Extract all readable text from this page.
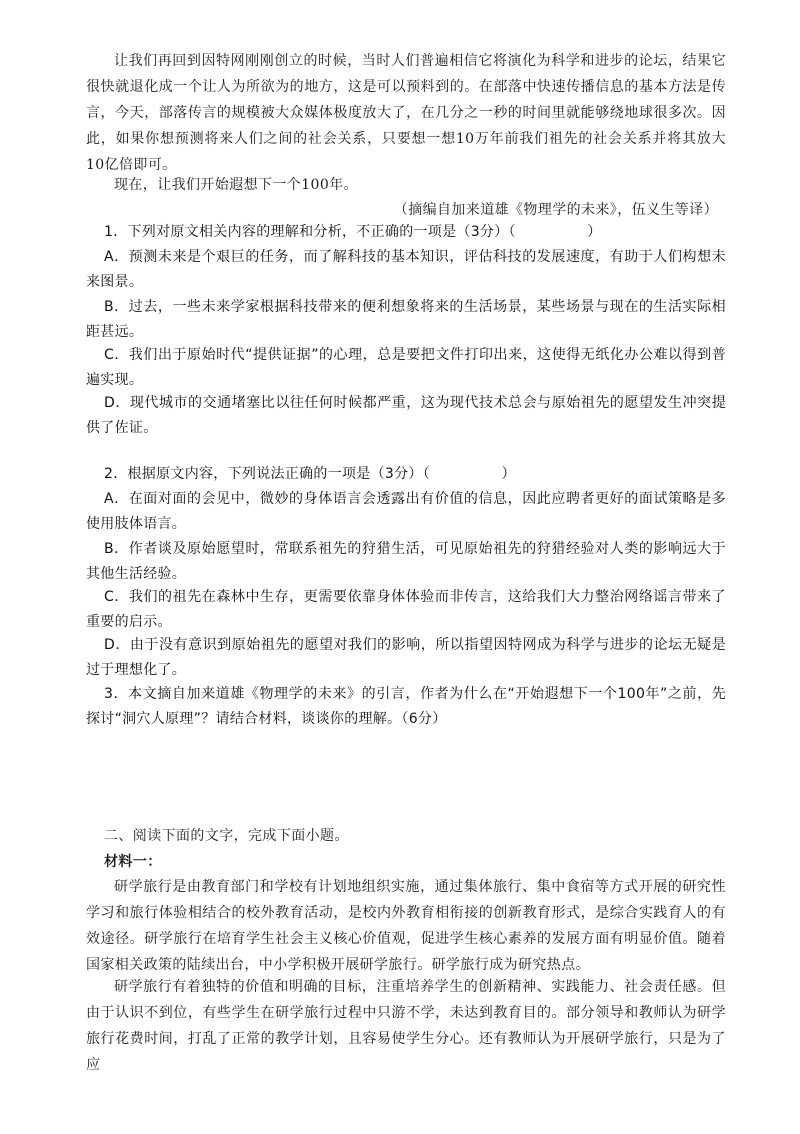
让我们再回到因特网刚刚创立的时候，当时人们普遍相信它将演化为科学和进步的论坛，结果它很快就退化成一个让人为所欲为的地方，这是可以预料到的。在部落中快速传播信息的基本方法是传言，今天，部落传言的规模被大众媒体极度放大了，在几分之一秒的时间里就能够绕地球很多次。因此，如果你想预测将来人们之间的社会关系，只要想一想10万年前我们祖先的社会关系并将其放大10亿倍即可。

现在，让我们开始遐想下一个100年。

（摘编自加来道雄《物理学的未来》，伍义生等译）

1．下列对原文相关内容的理解和分析，不正确的一项是（3分）（　　　　　）

A．预测未来是个艰巨的任务，而了解科技的基本知识，评估科技的发展速度，有助于人们构想未来图景。

B．过去，一些未来学家根据科技带来的便利想象将来的生活场景，某些场景与现在的生活实际相距甚远。

C．我们出于原始时代“提供证据”的心理，总是要把文件打印出来，这使得无纸化办公难以得到普遍实现。

D．现代城市的交通堵塞比以往任何时候都严重，这为现代技术总会与原始祖先的愿望发生冲突提供了佐证。

2．根据原文内容，下列说法正确的一项是（3分）（　　　　　）

A．在面对面的会见中，微妙的身体语言会透露出有价值的信息，因此应聘者更好的面试策略是多使用肢体语言。

B．作者谈及原始愿望时，常联系祖先的狩猎生活，可见原始祖先的狩猎经验对人类的影响远大于其他生活经验。

C．我们的祖先在森林中生存，更需要依靠身体体验而非传言，这给我们大力整治网络谣言带来了重要的启示。

D．由于没有意识到原始祖先的愿望对我们的影响，所以指望因特网成为科学与进步的论坛无疑是过于理想化了。

3．本文摘自加来道雄《物理学的未来》的引言，作者为什么在“开始遐想下一个100年”之前，先探讨“洞穴人原理”？请结合材料，谈谈你的理解。（6分）

二、阅读下面的文字，完成下面小题。
材料一：

研学旅行是由教育部门和学校有计划地组织实施，通过集体旅行、集中食宿等方式开展的研究性学习和旅行体验相结合的校外教育活动，是校内外教育相衔接的创新教育形式，是综合实践育人的有效途径。研学旅行在培育学生社会主义核心价值观，促进学生核心素养的发展方面有明显价值。随着国家相关政策的陆续出台，中小学积极开展研学旅行。研学旅行成为研究热点。

研学旅行有着独特的价值和明确的目标，注重培养学生的创新精神、实践能力、社会责任感。但由于认识不到位，有些学生在研学旅行过程中只游不学，未达到教育目的。部分领导和教师认为研学旅行花费时间，打乱了正常的教学计划，且容易使学生分心。还有教师认为开展研学旅行，只是为了应
